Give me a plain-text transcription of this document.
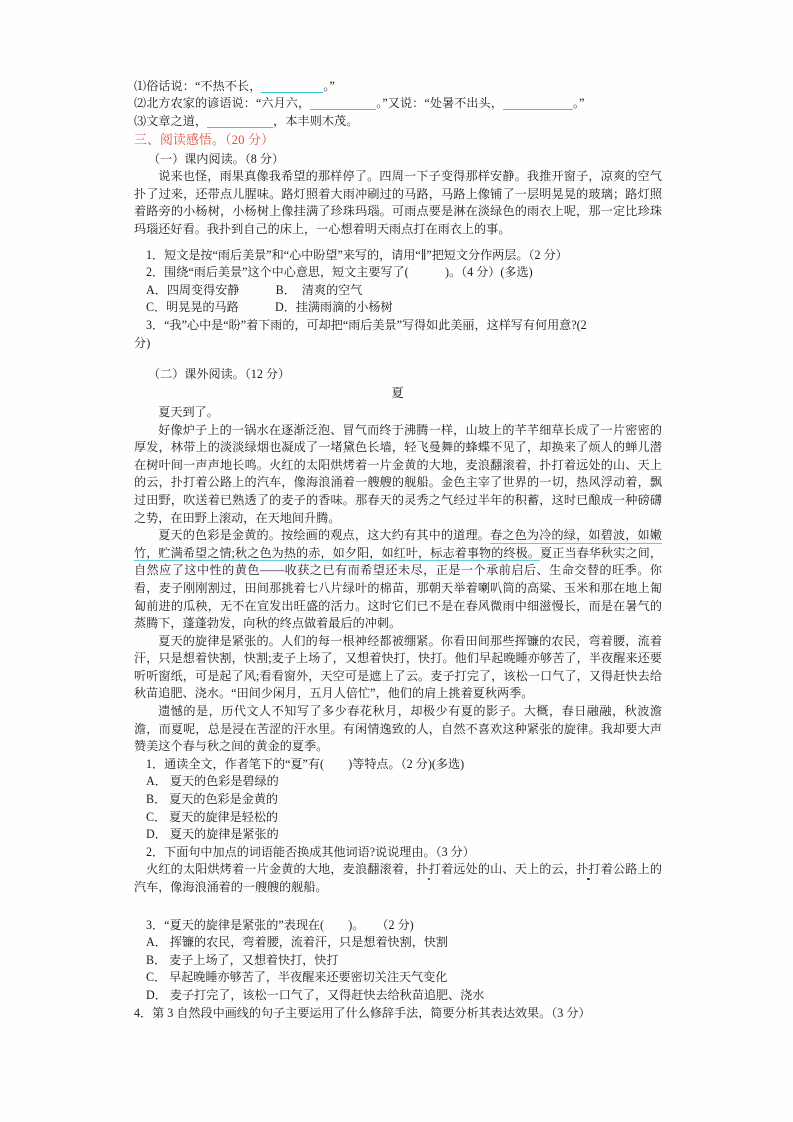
⑴俗话说：“不热不长，	。”
⑵北方农家的谚语说：“六月六，	。”又说：“处暑不出头，	。”
⑶文章之道，	，本丰则木茂。
三、阅读感悟。（20 分）
（一）课内阅读。（8 分）
说来也怪，雨果真像我希望的那样停了。四周一下子变得那样安静。我推开窗子，凉爽的空气扑了过来，还带点儿腥味。路灯照着大雨冲刷过的马路，马路上像铺了一层明晃晃的玻璃；路灯照着路旁的小杨树，小杨树上像挂满了珍珠玛瑙。可雨点要是淋在淡绿色的雨衣上呢，那一定比珍珠玛瑙还好看。我扑到自己的床上，一心想着明天雨点打在雨衣上的事。
1．短文是按“雨后美景”和“心中盼望”来写的，请用“∥”把短文分作两层。（2 分）
2．围绕“雨后美景”这个中心意思，短文主要写了(　　　)。（4 分）(多选)
A．四周变得安静　　　B．  清爽的空气
C．明晃晃的马路　　　D．挂满雨滴的小杨树
3．“我”心中是“盼”着下雨的，可却把“雨后美景”写得如此美丽，这样写有何用意?(2
分)
（二）课外阅读。（12 分）
夏
夏天到了。
好像炉子上的一锅水在逐渐泛泡、冒气而终于沸腾一样，山坡上的芊芊细草长成了一片密密的厚发，林带上的淡淡绿烟也凝成了一堵黛色长墙，轻飞曼舞的蜂蝶不见了，却换来了烦人的蝉儿潜在树叶间一声声地长鸣。火红的太阳烘烤着一片金黄的大地，麦浪翻滚着，扑打着远处的山、天上的云，扑打着公路上的汽车，像海浪涌着一艘艘的舰船。金色主宰了世界的一切，热风浮动着，飘过田野，吹送着已熟透了的麦子的香味。那春天的灵秀之气经过半年的积蓄，这时已酿成一种磅礴之势，在田野上滚动，在天地间升腾。
夏天的色彩是金黄的。按绘画的观点，这大约有其中的道理。春之色为冷的绿，如碧波，如嫩竹，贮满希望之情;秋之色为热的赤，如夕阳，如红叶，标志着事物的终极。夏正当春华秋实之间，自然应了这中性的黄色——收获之已有而希望还未尽，正是一个承前启后、生命交替的旺季。你看，麦子刚刚割过，田间那挑着七八片绿叶的棉苗，那朝天举着喇叭筒的高粱、玉米和那在地上匍匐前进的瓜秧，无不在宣发出旺盛的活力。这时它们已不是在春风微雨中细滋慢长，而是在暑气的蒸腾下，蓬蓬勃发，向秋的终点做着最后的冲刺。
夏天的旋律是紧张的。人们的每一根神经都被绷紧。你看田间那些挥镰的农民，弯着腰，流着汗，只是想着快割，快割;麦子上场了，又想着快打，快打。他们早起晚睡亦够苦了，半夜醒来还要听听窗纸，可是起了风;看看窗外，天空可是遮上了云。麦子打完了，该松一口气了，又得赶快去给秋苗追肥、浇水。“田间少闲月，五月人倍忙”，他们的肩上挑着夏秋两季。
遗憾的是，历代文人不知写了多少春花秋月，却极少有夏的影子。大概，春日融融，秋波澹澹，而夏呢，总是浸在苦涩的汗水里。有闲情逸致的人，自然不喜欢这种紧张的旋律。我却要大声赞美这个春与秋之间的黄金的夏季。
1．通读全文，作者笔下的“夏”有(　　)等特点。（2 分)(多选)
A． 夏天的色彩是碧绿的
B． 夏天的色彩是金黄的
C． 夏天的旋律是轻松的
D． 夏天的旋律是紧张的
2．下面句中加点的词语能否换成其他词语?说说理由。（3 分）
火红的太阳烘烤着一片金黄的大地，麦浪翻滚着，扑打着远处的山、天上的云，扑打着公路上的汽车，像海浪涌着的一艘艘的舰船。
3．“夏天的旋律是紧张的”表现在(　　)。　　（2 分)
A． 挥镰的农民，弯着腰，流着汗，只是想着快割，快割
B． 麦子上场了，又想着快打，快打
C． 早起晚睡亦够苦了，半夜醒来还要密切关注天气变化
D． 麦子打完了，该松一口气了，又得赶快去给秋苗追肥、浇水
4．第 3 自然段中画线的句子主要运用了什么修辞手法，简要分析其表达效果。（3 分）
